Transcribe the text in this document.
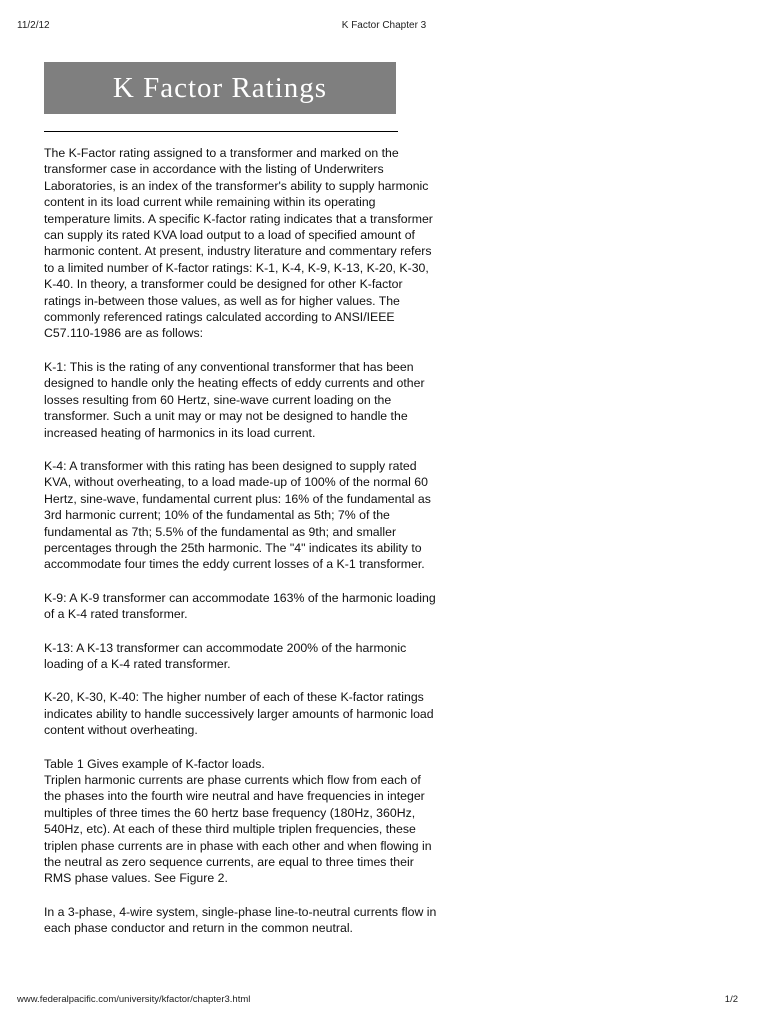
11/2/12	K Factor Chapter 3
K Factor Ratings

The K-Factor rating assigned to a transformer and marked on the transformer case in accordance with the listing of Underwriters Laboratories, is an index of the transformer's ability to supply harmonic content in its load current while remaining within its operating temperature limits. A specific K-factor rating indicates that a transformer can supply its rated KVA load output to a load of specified amount of harmonic content. At present, industry literature and commentary refers to a limited number of K-factor ratings: K-1, K-4, K-9, K-13, K-20, K-30, K-40. In theory, a transformer could be designed for other K-factor ratings in-between those values, as well as for higher values. The commonly referenced ratings calculated according to ANSI/IEEE C57.110-1986 are as follows:

K-1: This is the rating of any conventional transformer that has been designed to handle only the heating effects of eddy currents and other losses resulting from 60 Hertz, sine-wave current loading on the transformer. Such a unit may or may not be designed to handle the increased heating of harmonics in its load current.

K-4: A transformer with this rating has been designed to supply rated KVA, without overheating, to a load made-up of 100% of the normal 60 Hertz, sine-wave, fundamental current plus: 16% of the fundamental as 3rd harmonic current; 10% of the fundamental as 5th; 7% of the fundamental as 7th; 5.5% of the fundamental as 9th; and smaller percentages through the 25th harmonic. The "4" indicates its ability to accommodate four times the eddy current losses of a K-1 transformer.

K-9: A K-9 transformer can accommodate 163% of the harmonic loading of a K-4 rated transformer.

K-13: A K-13 transformer can accommodate 200% of the harmonic loading of a K-4 rated transformer.

K-20, K-30, K-40: The higher number of each of these K-factor ratings indicates ability to handle successively larger amounts of harmonic load content without overheating.

Table 1 Gives example of K-factor loads.

Triplen harmonic currents are phase currents which flow from each of the phases into the fourth wire neutral and have frequencies in integer multiples of three times the 60 hertz base frequency (180Hz, 360Hz, 540Hz, etc). At each of these third multiple triplen frequencies, these triplen phase currents are in phase with each other and when flowing in the neutral as zero sequence currents, are equal to three times their RMS phase values. See Figure 2.

In a 3-phase, 4-wire system, single-phase line-to-neutral currents flow in each phase conductor and return in the common neutral.

www.federalpacific.com/university/kfactor/chapter3.html	1/2
